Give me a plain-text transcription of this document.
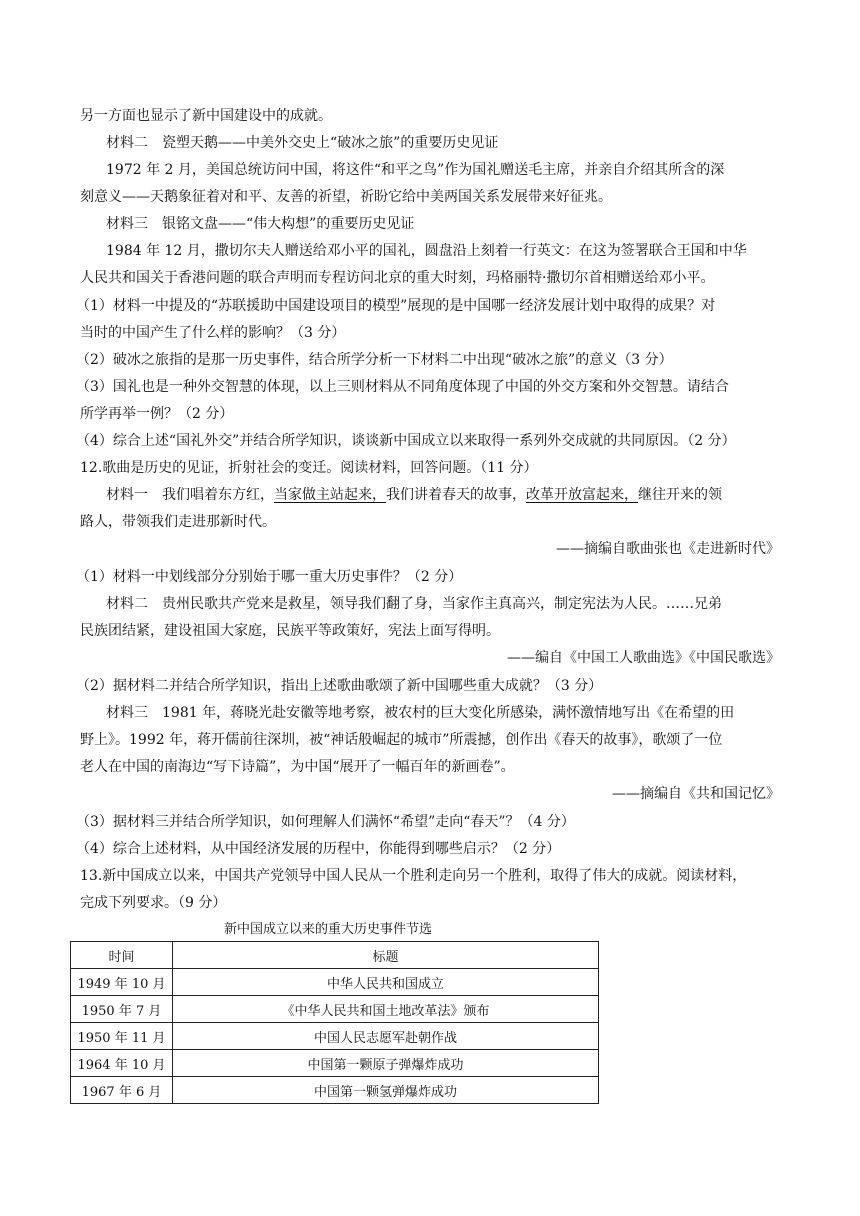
另一方面也显示了新中国建设中的成就。
材料二　瓷塑天鹅——中美外交史上“破冰之旅”的重要历史见证
1972 年 2 月，美国总统访问中国，将这件“和平之鸟”作为国礼赠送毛主席，并亲自介绍其所含的深
刻意义——天鹅象征着对和平、友善的祈望，祈盼它给中美两国关系发展带来好征兆。
材料三　银铭文盘——“伟大构想”的重要历史见证
1984 年 12 月，撒切尔夫人赠送给邓小平的国礼，圆盘沿上刻着一行英文：在这为签署联合王国和中华
人民共和国关于香港问题的联合声明而专程访问北京的重大时刻，玛格丽特·撒切尔首相赠送给邓小平。
（1）材料一中提及的“苏联援助中国建设项目的模型”展现的是中国哪一经济发展计划中取得的成果？对
当时的中国产生了什么样的影响？（3 分）
（2）破冰之旅指的是那一历史事件，结合所学分析一下材料二中出现“破冰之旅”的意义（3 分）
（3）国礼也是一种外交智慧的体现，以上三则材料从不同角度体现了中国的外交方案和外交智慧。请结合
所学再举一例？（2 分）
（4）综合上述“国礼外交”并结合所学知识，谈谈新中国成立以来取得一系列外交成就的共同原因。（2 分）
12.歌曲是历史的见证，折射社会的变迁。阅读材料，回答问题。（11 分）
材料一　我们唱着东方红，当家做主站起来，我们讲着春天的故事，改革开放富起来，继往开来的领
路人，带领我们走进那新时代。
——摘编自歌曲张也《走进新时代》
（1）材料一中划线部分分别始于哪一重大历史事件？（2 分）
材料二　贵州民歌共产党来是救星，领导我们翻了身，当家作主真高兴，制定宪法为人民。……兄弟
民族团结紧，建设祖国大家庭，民族平等政策好，宪法上面写得明。
——编自《中国工人歌曲选》《中国民歌选》
（2）据材料二并结合所学知识，指出上述歌曲歌颂了新中国哪些重大成就？（3 分）
材料三　1981 年，蒋晓光赴安徽等地考察，被农村的巨大变化所感染，满怀激情地写出《在希望的田
野上》。1992 年，蒋开儒前往深圳，被“神话般崛起的城市”所震撼，创作出《春天的故事》，歌颂了一位
老人在中国的南海边“写下诗篇”，为中国“展开了一幅百年的新画卷”。
——摘编自《共和国记忆》
（3）据材料三并结合所学知识，如何理解人们满怀“希望”走向“春天”？（4 分）
（4）综合上述材料，从中国经济发展的历程中，你能得到哪些启示？（2 分）
13.新中国成立以来，中国共产党领导中国人民从一个胜利走向另一个胜利，取得了伟大的成就。阅读材料，
完成下列要求。（9 分）
新中国成立以来的重大历史事件节选
时间	标题
1949 年 10 月	中华人民共和国成立
1950 年 7 月	《中华人民共和国土地改革法》颁布
1950 年 11 月	中国人民志愿军赴朝作战
1964 年 10 月	中国第一颗原子弹爆炸成功
1967 年 6 月	中国第一颗氢弹爆炸成功
